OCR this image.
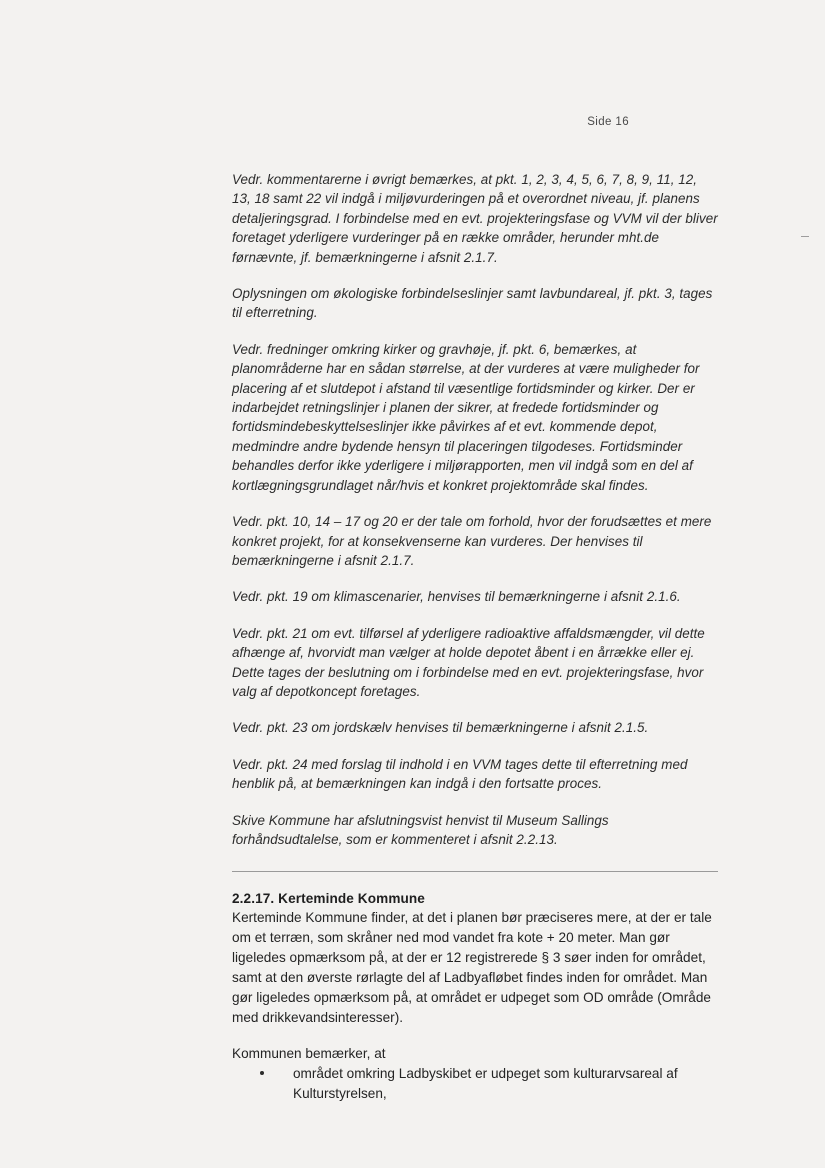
Side 16

Vedr. kommentarerne i øvrigt bemærkes, at pkt. 1, 2, 3, 4, 5, 6, 7, 8, 9, 11, 12, 13, 18 samt 22 vil indgå i miljøvurderingen på et overordnet niveau, jf. planens detaljeringsgrad. I forbindelse med en evt. projekteringsfase og VVM vil der bliver foretaget yderligere vurderinger på en række områder, herunder mht.de førnævnte, jf. bemærkningerne i afsnit 2.1.7.

Oplysningen om økologiske forbindelseslinjer samt lavbundareal, jf. pkt. 3, tages til efterretning.

Vedr. fredninger omkring kirker og gravhøje, jf. pkt. 6, bemærkes, at planområderne har en sådan størrelse, at der vurderes at være muligheder for placering af et slutdepot i afstand til væsentlige fortidsminder og kirker. Der er indarbejdet retningslinjer i planen der sikrer, at fredede fortidsminder og fortidsmindebeskyttelseslinjer ikke påvirkes af et evt. kommende depot, medmindre andre bydende hensyn til placeringen tilgodeses. Fortidsminder behandles derfor ikke yderligere i miljørapporten, men vil indgå som en del af kortlægningsgrundlaget når/hvis et konkret projektområde skal findes.

Vedr. pkt. 10, 14 – 17 og 20 er der tale om forhold, hvor der forudsættes et mere konkret projekt, for at konsekvenserne kan vurderes. Der henvises til bemærkningerne i afsnit 2.1.7.

Vedr. pkt. 19 om klimascenarier, henvises til bemærkningerne i afsnit 2.1.6.

Vedr. pkt. 21 om evt. tilførsel af yderligere radioaktive affaldsmængder, vil dette afhænge af, hvorvidt man vælger at holde depotet åbent i en årrække eller ej. Dette tages der beslutning om i forbindelse med en evt. projekteringsfase, hvor valg af depotkoncept foretages.

Vedr. pkt. 23 om jordskælv henvises til bemærkningerne i afsnit 2.1.5.

Vedr. pkt. 24 med forslag til indhold i en VVM tages dette til efterretning med henblik på, at bemærkningen kan indgå i den fortsatte proces.

Skive Kommune har afslutningsvist henvist til Museum Sallings forhåndsudtalelse, som er kommenteret i afsnit 2.2.13.

2.2.17. Kerteminde Kommune

Kerteminde Kommune finder, at det i planen bør præciseres mere, at der er tale om et terræn, som skråner ned mod vandet fra kote + 20 meter. Man gør ligeledes opmærksom på, at der er 12 registrerede § 3 søer inden for området, samt at den øverste rørlagte del af Ladbyafløbet findes inden for området. Man gør ligeledes opmærksom på, at området er udpeget som OD område (Område med drikkevandsinteresser).

Kommunen bemærker, at

området omkring Ladbyskibet er udpeget som kulturarvsareal af Kulturstyrelsen,
